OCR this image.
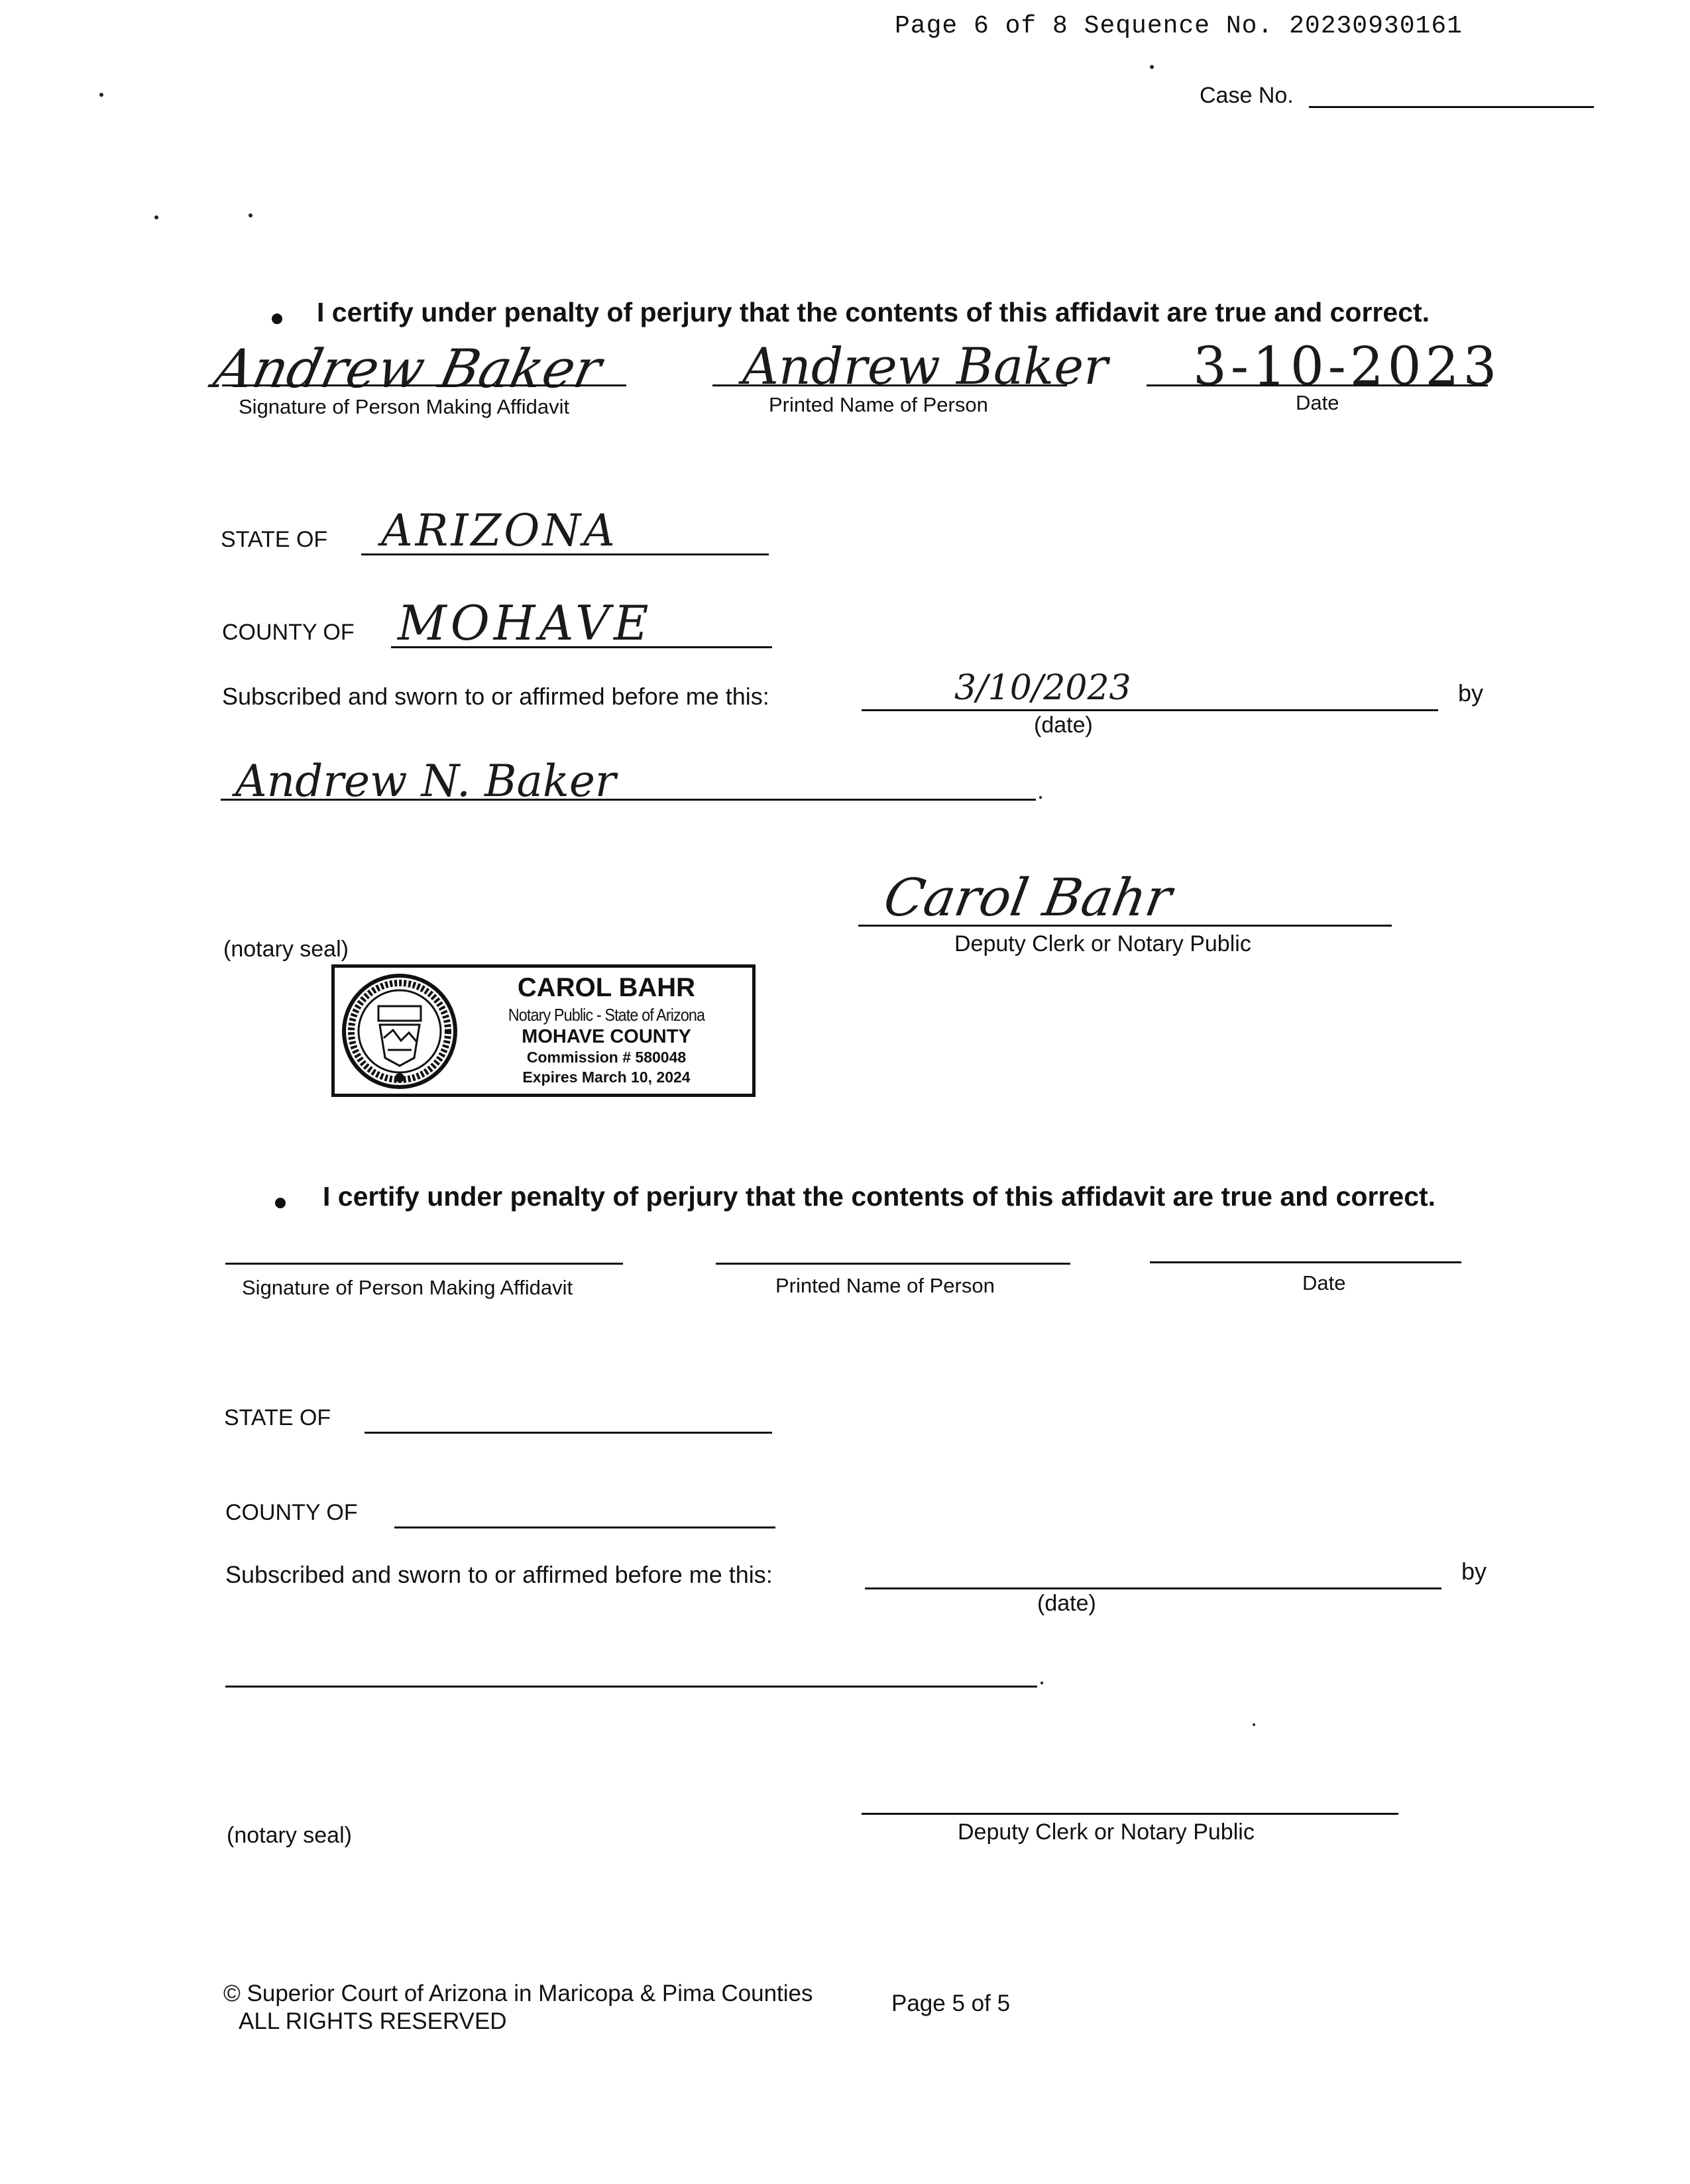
Page 6 of 8 Sequence No. 20230930161
Case No.
I certify under penalty of perjury that the contents of this affidavit are true and correct.
Andrew Baker
Signature of Person Making Affidavit
Andrew Baker
Printed Name of Person
3-10-2023
Date
STATE OF ARIZONA
COUNTY OF MOHAVE
Subscribed and sworn to or affirmed before me this:	3/10/2023
(date)
by
Andrew N. Baker	.
Carol Bahr
Deputy Clerk or Notary Public
(notary seal)
CAROL BAHR
Notary Public - State of Arizona
MOHAVE COUNTY
Commission # 580048
Expires March 10, 2024
I certify under penalty of perjury that the contents of this affidavit are true and correct.
Signature of Person Making Affidavit	Printed Name of Person	Date
STATE OF
COUNTY OF
Subscribed and sworn to or affirmed before me this:
(date)
by
.
Deputy Clerk or Notary Public
(notary seal)
© Superior Court of Arizona in Maricopa & Pima Counties
ALL RIGHTS RESERVED
Page 5 of 5
